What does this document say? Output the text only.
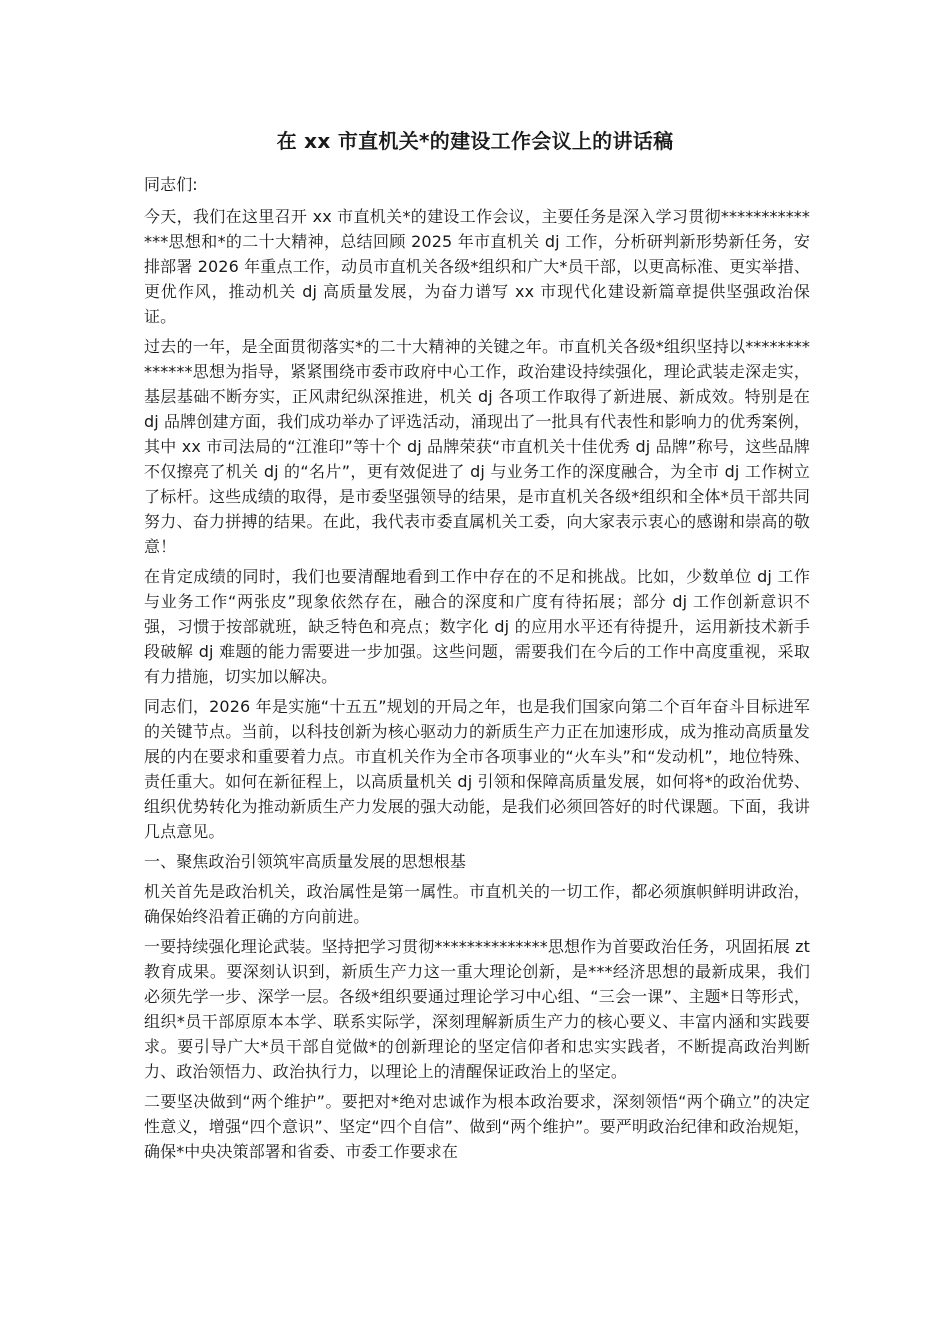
在 xx 市直机关*的建设工作会议上的讲话稿

同志们:

今天，我们在这里召开 xx 市直机关*的建设工作会议，主要任务是深入学习贯彻**************思想和*的二十大精神，总结回顾 2025 年市直机关 dj 工作，分析研判新形势新任务，安排部署 2026 年重点工作，动员市直机关各级*组织和广大*员干部，以更高标准、更实举措、更优作风，推动机关 dj 高质量发展，为奋力谱写 xx 市现代化建设新篇章提供坚强政治保证。

过去的一年，是全面贯彻落实*的二十大精神的关键之年。市直机关各级*组织坚持以**************思想为指导，紧紧围绕市委市政府中心工作，政治建设持续强化，理论武装走深走实，基层基础不断夯实，正风肃纪纵深推进，机关 dj 各项工作取得了新进展、新成效。特别是在 dj 品牌创建方面，我们成功举办了评选活动，涌现出了一批具有代表性和影响力的优秀案例，其中 xx 市司法局的“江淮印”等十个 dj 品牌荣获“市直机关十佳优秀 dj 品牌”称号，这些品牌不仅擦亮了机关 dj 的“名片”，更有效促进了 dj 与业务工作的深度融合，为全市 dj 工作树立了标杆。这些成绩的取得，是市委坚强领导的结果，是市直机关各级*组织和全体*员干部共同努力、奋力拼搏的结果。在此，我代表市委直属机关工委，向大家表示衷心的感谢和崇高的敬意！

在肯定成绩的同时，我们也要清醒地看到工作中存在的不足和挑战。比如，少数单位 dj 工作与业务工作“两张皮”现象依然存在，融合的深度和广度有待拓展；部分 dj 工作创新意识不强，习惯于按部就班，缺乏特色和亮点；数字化 dj 的应用水平还有待提升，运用新技术新手段破解 dj 难题的能力需要进一步加强。这些问题，需要我们在今后的工作中高度重视，采取有力措施，切实加以解决。

同志们，2026 年是实施“十五五”规划的开局之年，也是我们国家向第二个百年奋斗目标进军的关键节点。当前，以科技创新为核心驱动力的新质生产力正在加速形成，成为推动高质量发展的内在要求和重要着力点。市直机关作为全市各项事业的“火车头”和“发动机”，地位特殊、责任重大。如何在新征程上，以高质量机关 dj 引领和保障高质量发展，如何将*的政治优势、组织优势转化为推动新质生产力发展的强大动能，是我们必须回答好的时代课题。下面，我讲几点意见。

一、聚焦政治引领筑牢高质量发展的思想根基

机关首先是政治机关，政治属性是第一属性。市直机关的一切工作，都必须旗帜鲜明讲政治，确保始终沿着正确的方向前进。

一要持续强化理论武装。坚持把学习贯彻**************思想作为首要政治任务，巩固拓展 zt 教育成果。要深刻认识到，新质生产力这一重大理论创新，是***经济思想的最新成果，我们必须先学一步、深学一层。各级*组织要通过理论学习中心组、“三会一课”、主题*日等形式，组织*员干部原原本本学、联系实际学，深刻理解新质生产力的核心要义、丰富内涵和实践要求。要引导广大*员干部自觉做*的创新理论的坚定信仰者和忠实实践者，不断提高政治判断力、政治领悟力、政治执行力，以理论上的清醒保证政治上的坚定。

二要坚决做到“两个维护”。要把对*绝对忠诚作为根本政治要求，深刻领悟“两个确立”的决定性意义，增强“四个意识”、坚定“四个自信”、做到“两个维护”。要严明政治纪律和政治规矩，确保*中央决策部署和省委、市委工作要求在
